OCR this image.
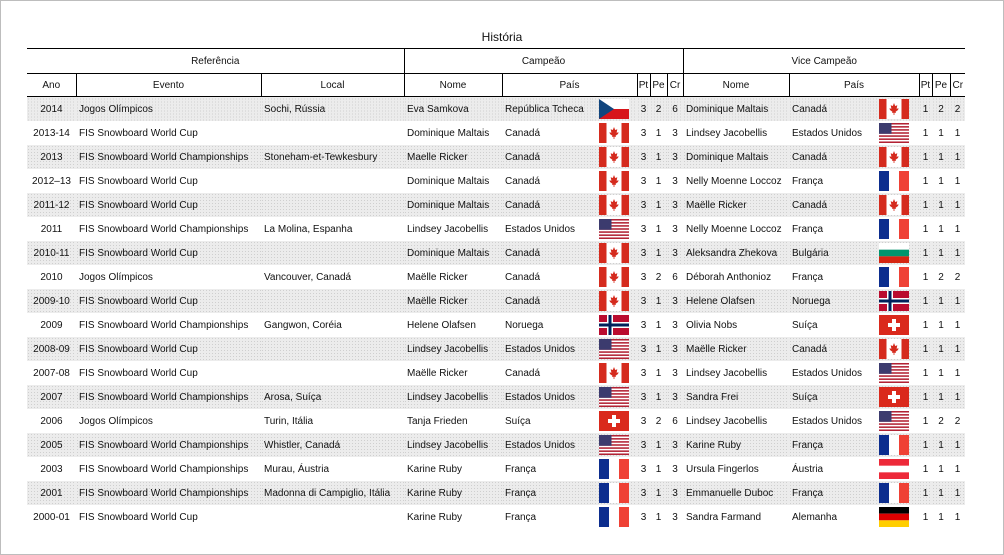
História
Referência			Campeão						Vice Campeão					
Ano	Evento	Local	Nome	País		Pt	Pe	Cr	Nome	País		Pt	Pe	Cr
2014	Jogos Olímpicos	Sochi, Rússia	Eva Samkova	República Tcheca		3	2	6	Dominique Maltais	Canadá		1	2	2
2013-14	FIS Snowboard World Cup		Dominique Maltais	Canadá		3	1	3	Lindsey Jacobellis	Estados Unidos		1	1	1
2013	FIS Snowboard World Championships	Stoneham-et-Tewkesbury	Maelle Ricker	Canadá		3	1	3	Dominique Maltais	Canadá		1	1	1
2012–13	FIS Snowboard World Cup		Dominique Maltais	Canadá		3	1	3	Nelly Moenne Loccoz	França		1	1	1
2011-12	FIS Snowboard World Cup		Dominique Maltais	Canadá		3	1	3	Maëlle Ricker	Canadá		1	1	1
2011	FIS Snowboard World Championships	La Molina, Espanha	Lindsey Jacobellis	Estados Unidos		3	1	3	Nelly Moenne Loccoz	França		1	1	1
2010-11	FIS Snowboard World Cup		Dominique Maltais	Canadá		3	1	3	Aleksandra Zhekova	Bulgária		1	1	1
2010	Jogos Olímpicos	Vancouver, Canadá	Maëlle Ricker	Canadá		3	2	6	Déborah Anthonioz	França		1	2	2
2009-10	FIS Snowboard World Cup		Maëlle Ricker	Canadá		3	1	3	Helene Olafsen	Noruega		1	1	1
2009	FIS Snowboard World Championships	Gangwon, Coréia	Helene Olafsen	Noruega		3	1	3	Olivia Nobs	Suíça		1	1	1
2008-09	FIS Snowboard World Cup		Lindsey Jacobellis	Estados Unidos		3	1	3	Maëlle Ricker	Canadá		1	1	1
2007-08	FIS Snowboard World Cup		Maëlle Ricker	Canadá		3	1	3	Lindsey Jacobellis	Estados Unidos		1	1	1
2007	FIS Snowboard World Championships	Arosa, Suíça	Lindsey Jacobellis	Estados Unidos		3	1	3	Sandra Frei	Suíça		1	1	1
2006	Jogos Olímpicos	Turin, Itália	Tanja Frieden	Suíça		3	2	6	Lindsey Jacobellis	Estados Unidos		1	2	2
2005	FIS Snowboard World Championships	Whistler, Canadá	Lindsey Jacobellis	Estados Unidos		3	1	3	Karine Ruby	França		1	1	1
2003	FIS Snowboard World Championships	Murau, Áustria	Karine Ruby	França		3	1	3	Ursula Fingerlos	Áustria		1	1	1
2001	FIS Snowboard World Championships	Madonna di Campiglio, Itália	Karine Ruby	França		3	1	3	Emmanuelle Duboc	França		1	1	1
2000-01	FIS Snowboard World Cup		Karine Ruby	França		3	1	3	Sandra Farmand	Alemanha		1	1	1
